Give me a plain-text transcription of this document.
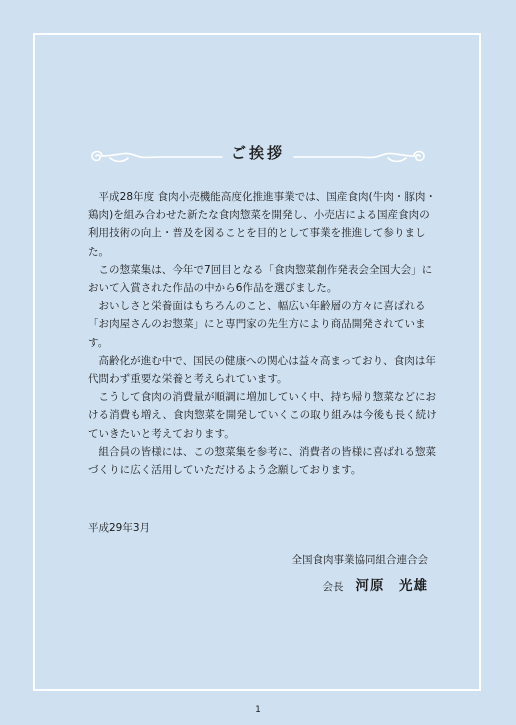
ご挨拶

平成28年度 食肉小売機能高度化推進事業では、国産食肉(牛肉・豚肉・鶏肉)を組み合わせた新たな食肉惣菜を開発し、小売店による国産食肉の利用技術の向上・普及を図ることを目的として事業を推進して参りました。

この惣菜集は、今年で7回目となる「食肉惣菜創作発表会全国大会」において入賞された作品の中から6作品を選びました。

おいしさと栄養面はもちろんのこと、幅広い年齢層の方々に喜ばれる「お肉屋さんのお惣菜」にと専門家の先生方により商品開発されています。

高齢化が進む中で、国民の健康への関心は益々高まっており、食肉は年代問わず重要な栄養と考えられています。

こうして食肉の消費量が順調に増加していく中、持ち帰り惣菜などにおける消費も増え、食肉惣菜を開発していくこの取り組みは今後も長く続けていきたいと考えております。

組合員の皆様には、この惣菜集を参考に、消費者の皆様に喜ばれる惣菜づくりに広く活用していただけるよう念願しております。

平成29年3月
全国食肉事業協同組合連合会
会長 河原　光雄
1
